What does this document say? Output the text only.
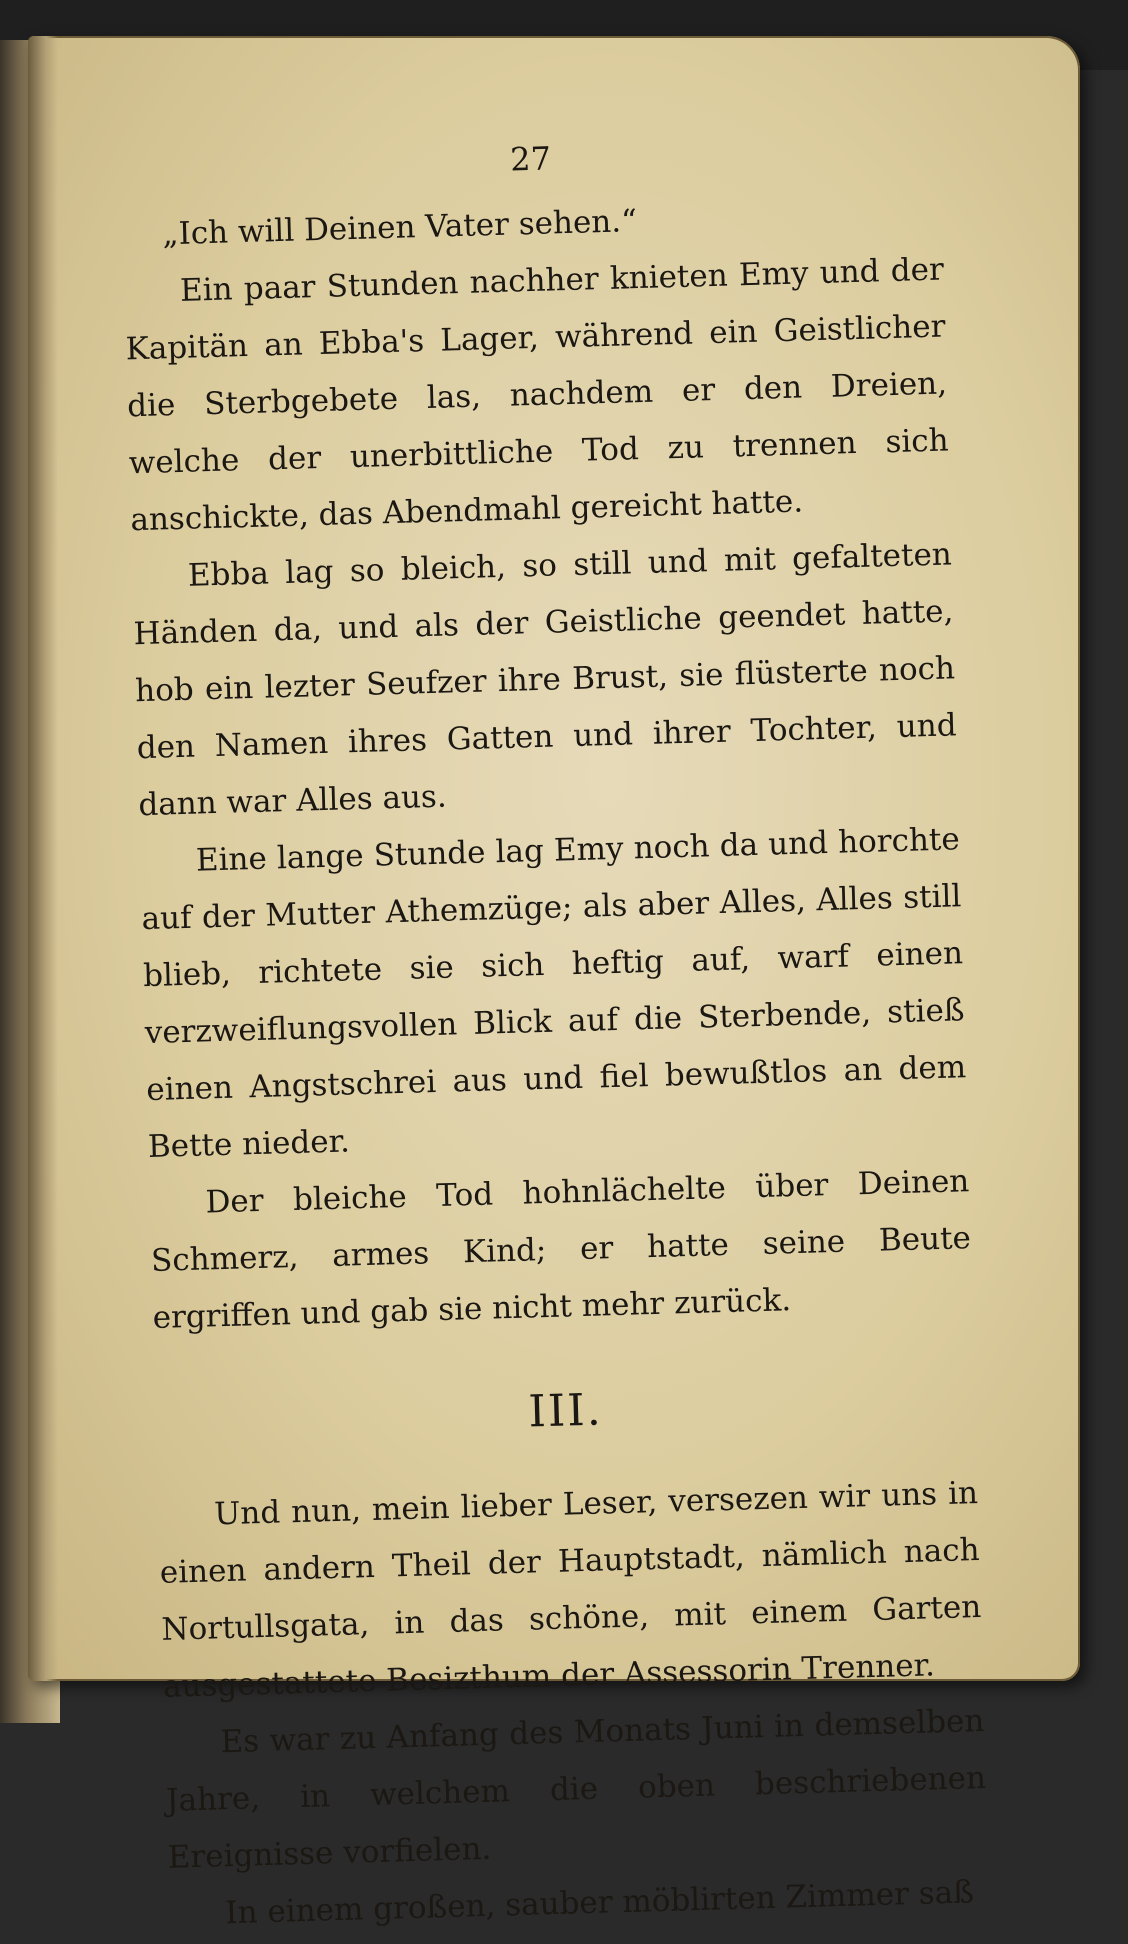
27

„Ich will Deinen Vater sehen.“

Ein paar Stunden nachher knieten Emy und der Kapitän an Ebba's Lager, während ein Geistlicher die Sterbgebete las, nachdem er den Dreien, welche der unerbittliche Tod zu trennen sich anschickte, das Abendmahl gereicht hatte.

Ebba lag so bleich, so still und mit gefalteten Händen da, und als der Geistliche geendet hatte, hob ein lezter Seufzer ihre Brust, sie flüsterte noch den Namen ihres Gatten und ihrer Tochter, und dann war Alles aus.

Eine lange Stunde lag Emy noch da und horchte auf der Mutter Athemzüge; als aber Alles, Alles still blieb, richtete sie sich heftig auf, warf einen verzweiflungsvollen Blick auf die Sterbende, stieß einen Angstschrei aus und fiel bewußtlos an dem Bette nieder.

Der bleiche Tod hohnlächelte über Deinen Schmerz, armes Kind; er hatte seine Beute ergriffen und gab sie nicht mehr zurück.

III.

Und nun, mein lieber Leser, versezen wir uns in einen andern Theil der Hauptstadt, nämlich nach Nortullsgata, in das schöne, mit einem Garten ausgestattete Besizthum der Assessorin Trenner.

Es war zu Anfang des Monats Juni in demselben Jahre, in welchem die oben beschriebenen Ereignisse vorfielen.

In einem großen, sauber möblirten Zimmer saß
